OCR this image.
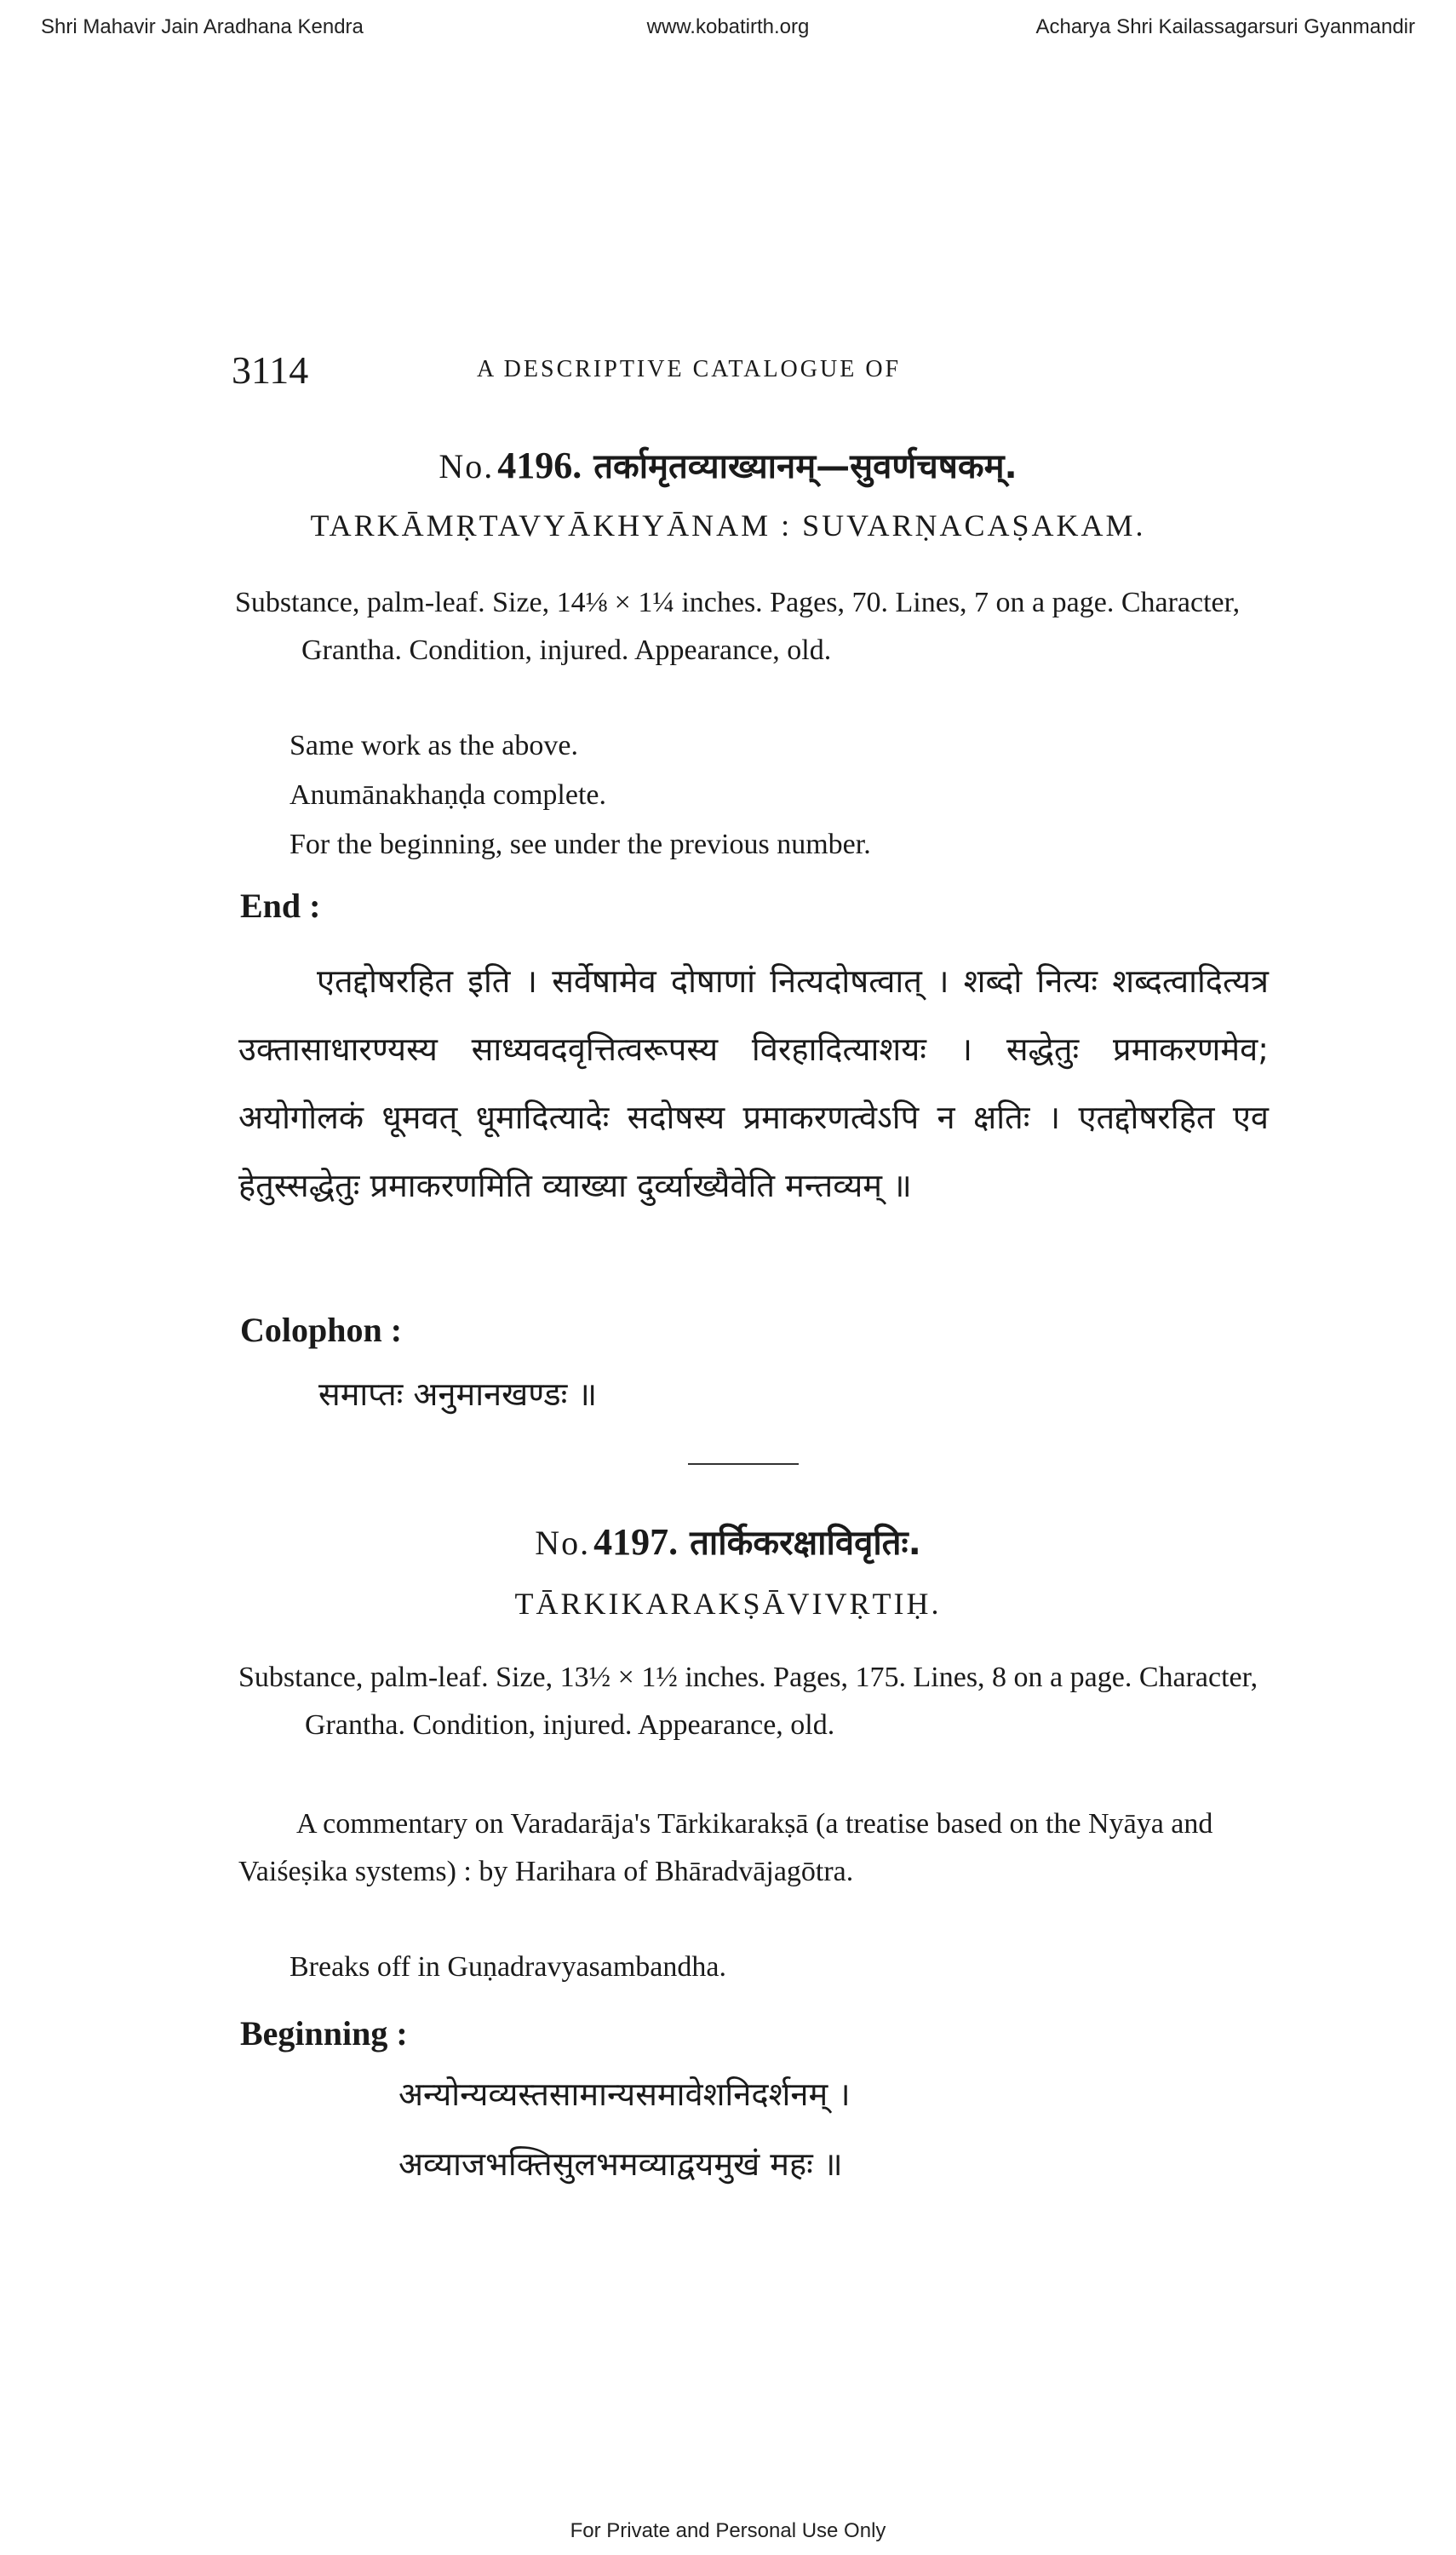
Shri Mahavir Jain Aradhana Kendra	www.kobatirth.org	Acharya Shri Kailassagarsuri Gyanmandir
3114	A DESCRIPTIVE CATALOGUE OF
No. 4196. तर्कामृतव्याख्यानम्—सुवर्णचषकम्.
TARKĀMṚTAVYĀKHYĀNAM : SUVARṆACAṢAKAM.
Substance, palm-leaf. Size, 14⅛ × 1¼ inches. Pages, 70. Lines, 7 on a page. Character, Grantha. Condition, injured. Appearance, old.
Same work as the above.
Anumānakhaṇḍa complete.
For the beginning, see under the previous number.
End :
एतद्दोषरहित इति । सर्वेषामेव दोषाणां नित्यदोषत्वात् । शब्दो नित्यः शब्दत्वादित्यत्र उक्तासाधारण्यस्य साध्यवदवृत्तित्वरूपस्य विरहादित्याशयः । सद्धेतुः प्रमाकरणमेव; अयोगोलकं धूमवत् धूमादित्यादेः सदोषस्य प्रमाकरणत्वेऽपि न क्षतिः । एतद्दोषरहित एव हेतुस्सद्धेतुः प्रमाकरणमिति व्याख्या दुर्व्याख्यैवेति मन्तव्यम् ॥
Colophon :
समाप्तः अनुमानखण्डः ॥
No. 4197. तार्किकरक्षाविवृतिः.
TĀRKIKARAKṢĀVIVṚTIḤ.
Substance, palm-leaf. Size, 13½ × 1½ inches. Pages, 175. Lines, 8 on a page. Character, Grantha. Condition, injured. Appearance, old.
A commentary on Varadarāja's Tārkikarakṣā (a treatise based on the Nyāya and Vaiśeṣika systems) : by Harihara of Bhāradvājagōtra.
Breaks off in Guṇadravyasambandha.
Beginning :
अन्योन्यव्यस्तसामान्यसमावेशनिदर्शनम् ।
अव्याजभक्तिसुलभमव्याद्वयमुखं महः ॥
For Private and Personal Use Only
